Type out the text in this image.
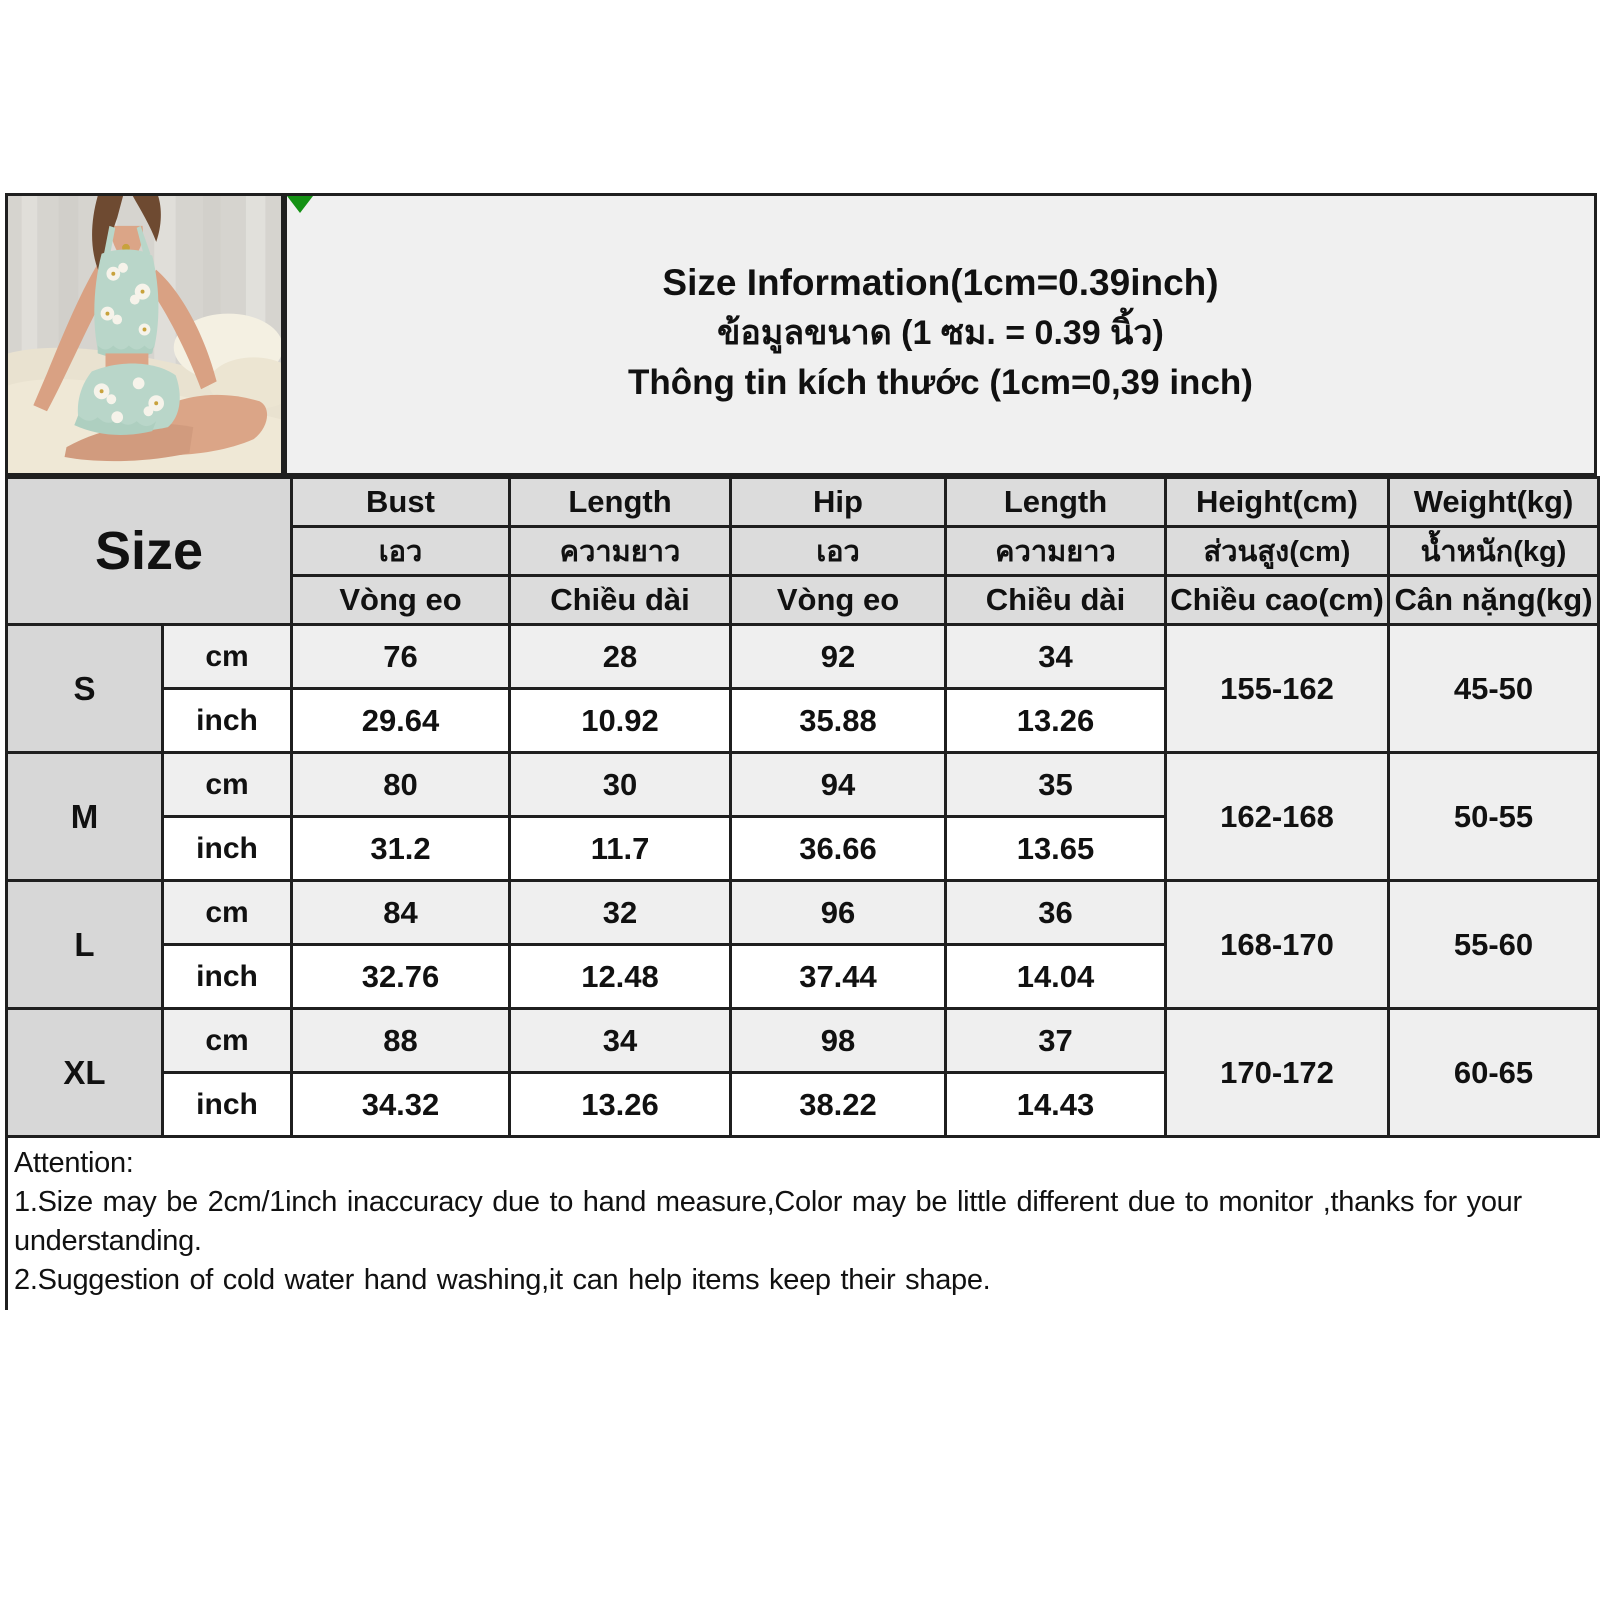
Size Information(1cm=0.39inch)
ข้อมูลขนาด (1 ซม. = 0.39 นิ้ว)
Thông tin kích thước (1cm=0,39 inch)
Size		Bust	Length	Hip	Length	Height(cm)	Weight(kg)
		เอว	ความยาว	เอว	ความยาว	ส่วนสูง(cm)	น้ำหนัก(kg)
		Vòng eo	Chiều dài	Vòng eo	Chiều dài	Chiều cao(cm)	Cân nặng(kg)
S	cm	76	28	92	34	155-162	45-50
	inch	29.64	10.92	35.88	13.26		
M	cm	80	30	94	35	162-168	50-55
	inch	31.2	11.7	36.66	13.65		
L	cm	84	32	96	36	168-170	55-60
	inch	32.76	12.48	37.44	14.04		
XL	cm	88	34	98	37	170-172	60-65
	inch	34.32	13.26	38.22	14.43		
Attention:
1.Size may be 2cm/1inch inaccuracy due to hand measure,Color may be little different due to monitor ,thanks for your understanding.
2.Suggestion of cold water hand washing,it can help items keep their shape.
